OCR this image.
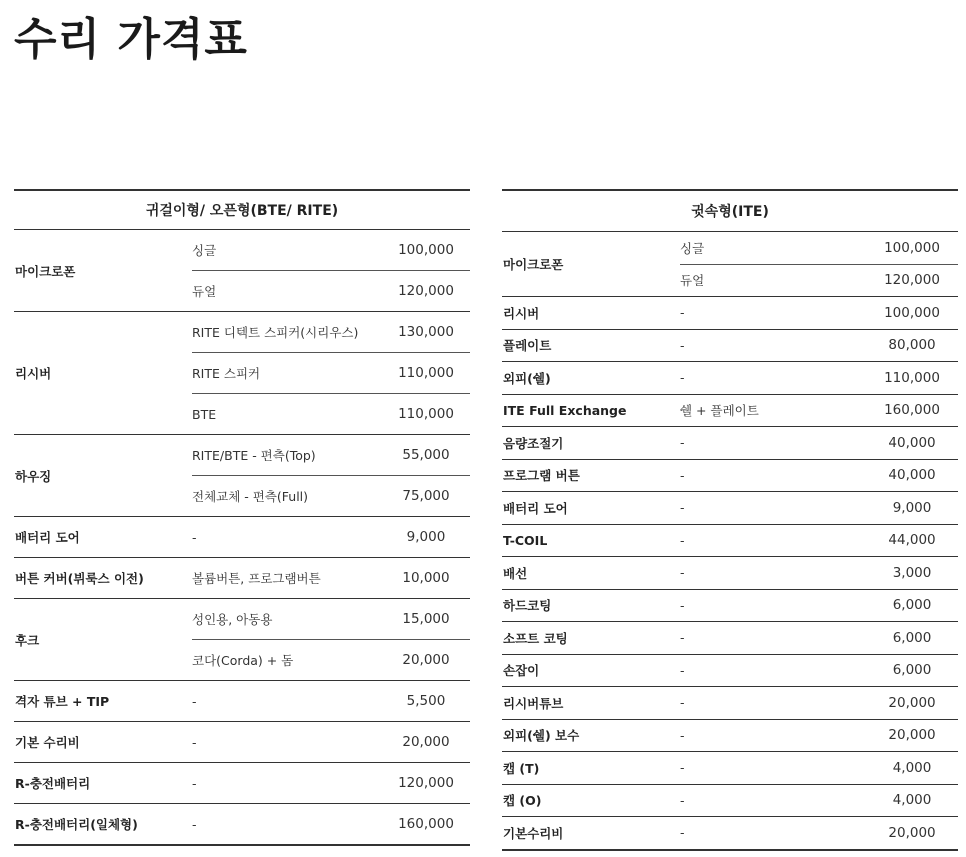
수리 가격표
귀걸이형/ 오픈형(BTE/ RITE)		
마이크로폰	싱글	100,000
	듀얼	120,000
리시버	RITE 디텍트 스피커(시리우스)	130,000
	RITE 스피커	110,000
	BTE	110,000
하우징	RITE/BTE - 편측(Top)	55,000
	전체교체 - 편측(Full)	75,000
배터리 도어	-	9,000
버튼 커버(뷔룩스 이전)	볼륨버튼, 프로그램버튼	10,000
후크	성인용, 아동용	15,000
	코다(Corda) + 돔	20,000
격자 튜브 + TIP	-	5,500
기본 수리비	-	20,000
R-충전배터리	-	120,000
R-충전배터리(일체형)	-	160,000
귓속형(ITE)		
마이크로폰	싱글	100,000
	듀얼	120,000
리시버	-	100,000
플레이트	-	80,000
외피(쉘)	-	110,000
ITE Full Exchange	쉘 + 플레이트	160,000
음량조절기	-	40,000
프로그램 버튼	-	40,000
배터리 도어	-	9,000
T-COIL	-	44,000
배선	-	3,000
하드코팅	-	6,000
소프트 코팅	-	6,000
손잡이	-	6,000
리시버튜브	-	20,000
외피(쉘) 보수	-	20,000
캡 (T)	-	4,000
캡 (O)	-	4,000
기본수리비	-	20,000
